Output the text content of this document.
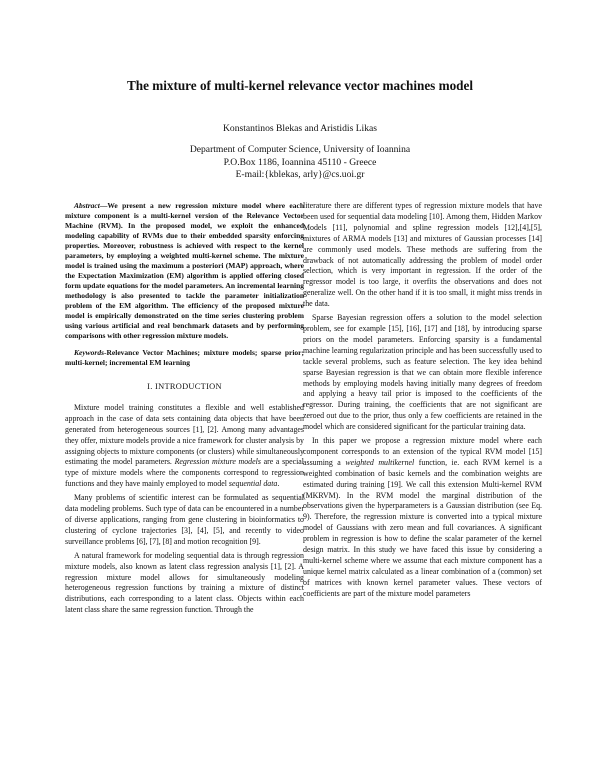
The mixture of multi-kernel relevance vector machines model
Konstantinos Blekas and Aristidis Likas
Department of Computer Science, University of Ioannina
P.O.Box 1186, Ioannina 45110 - Greece
E-mail:{kblekas, arly}@cs.uoi.gr

Abstract—We present a new regression mixture model where each mixture component is a multi-kernel version of the Relevance Vector Machine (RVM). In the proposed model, we exploit the enhanced modeling capability of RVMs due to their embedded sparsity enforcing properties. Moreover, robustness is achieved with respect to the kernel parameters, by employing a weighted multi-kernel scheme. The mixture model is trained using the maximum a posteriori (MAP) approach, where the Expectation Maximization (EM) algorithm is applied offering closed form update equations for the model parameters. An incremental learning methodology is also presented to tackle the parameter initialization problem of the EM algorithm. The efficiency of the proposed mixture model is empirically demonstrated on the time series clustering problem using various artificial and real benchmark datasets and by performing comparisons with other regression mixture models.

Keywords-Relevance Vector Machines; mixture models; sparse prior; multi-kernel; incremental EM learning

I. INTRODUCTION

Mixture model training constitutes a flexible and well established approach in the case of data sets containing data objects that have been generated from heterogeneous sources [1], [2]. Among many advantages they offer, mixture models provide a nice framework for cluster analysis by assigning objects to mixture components (or clusters) while simultaneously estimating the model parameters. Regression mixture models are a special type of mixture models where the components correspond to regression functions and they have mainly employed to model sequential data.

Many problems of scientific interest can be formulated as sequential data modeling problems. Such type of data can be encountered in a number of diverse applications, ranging from gene clustering in bioinformatics to clustering of cyclone trajectories [3], [4], [5], and recently to video surveillance problems [6], [7], [8] and motion recognition [9].

A natural framework for modeling sequential data is through regression mixture models, also known as latent class regression analysis [1], [2]. A regression mixture model allows for simultaneously modeling heterogeneous regression functions by training a mixture of distinct distributions, each corresponding to a latent class. Objects within each latent class share the same regression function. Through the

literature there are different types of regression mixture models that have been used for sequential data modeling [10]. Among them, Hidden Markov Models [11], polynomial and spline regression models [12],[4],[5], mixtures of ARMA models [13] and mixtures of Gaussian processes [14] are commonly used models. These methods are suffering from the drawback of not automatically addressing the problem of model order selection, which is very important in regression. If the order of the regressor model is too large, it overfits the observations and does not generalize well. On the other hand if it is too small, it might miss trends in the data.

Sparse Bayesian regression offers a solution to the model selection problem, see for example [15], [16], [17] and [18], by introducing sparse priors on the model parameters. Enforcing sparsity is a fundamental machine learning regularization principle and has been successfully used to tackle several problems, such as feature selection. The key idea behind sparse Bayesian regression is that we can obtain more flexible inference methods by employing models having initially many degrees of freedom and applying a heavy tail prior is imposed to the coefficients of the regressor. During training, the coefficients that are not significant are zeroed out due to the prior, thus only a few coefficients are retained in the model which are considered significant for the particular training data.

In this paper we propose a regression mixture model where each component corresponds to an extension of the typical RVM model [15] assuming a weighted multikernel function, ie. each RVM kernel is a weighted combination of basic kernels and the combination weights are estimated during training [19]. We call this extension Multi-kernel RVM (MKRVM). In the RVM model the marginal distribution of the observations given the hyperparameters is a Gaussian distribution (see Eq. 9). Therefore, the regression mixture is converted into a typical mixture model of Gaussians with zero mean and full covariances. A significant problem in regression is how to define the scalar parameter of the kernel design matrix. In this study we have faced this issue by considering a multi-kernel scheme where we assume that each mixture component has a unique kernel matrix calculated as a linear combination of a (common) set of matrices with known kernel parameter values. These vectors of coefficients are part of the mixture model parameters
